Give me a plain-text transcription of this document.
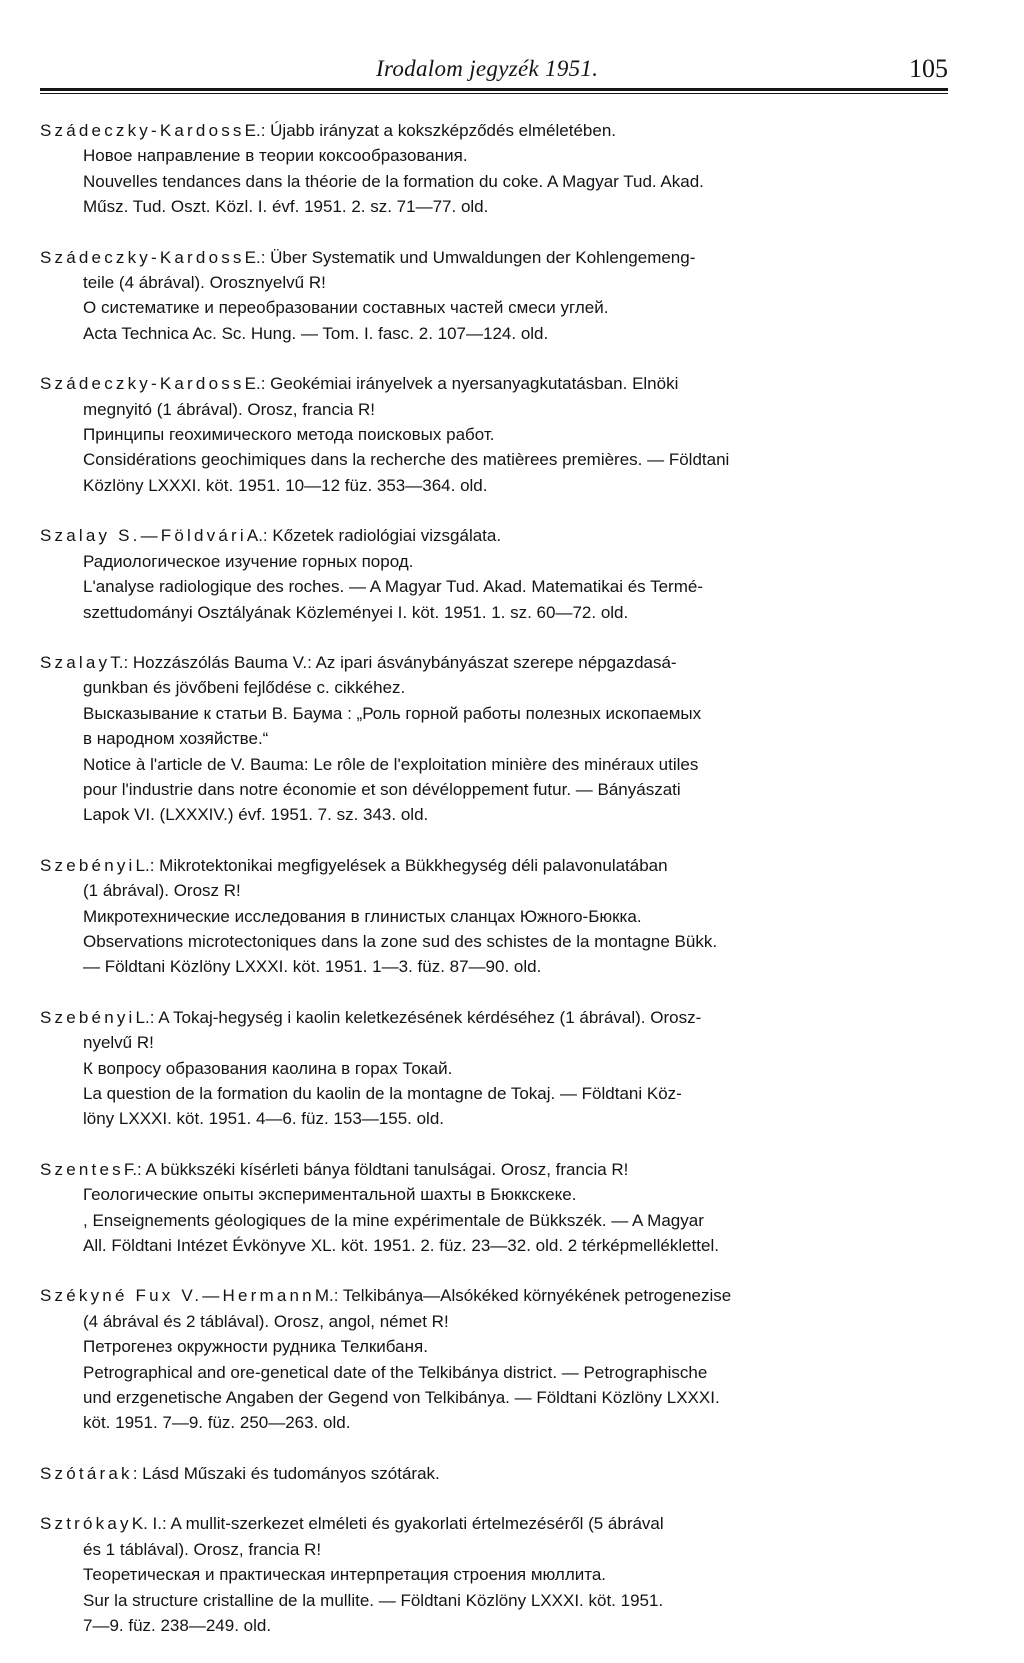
Irodalom jegyzék 1951.	105
Szádeczky-KardossE.: Újabb irányzat a kokszképződés elméletében.
Новое направление в теории коксообразования.
Nouvelles tendances dans la théorie de la formation du coke. A Magyar Tud. Akad.
Műsz. Tud. Oszt. Közl. I. évf. 1951. 2. sz. 71—77. old.
Szádeczky-KardossE.: Über Systematik und Umwaldungen der Kohlengemeng-
teile (4 ábrával). Orosznyelvű R!
О систематике и переобразовании составных частей смеси углей.
Acta Technica Ac. Sc. Hung. — Tom. I. fasc. 2. 107—124. old.
Szádeczky-KardossE.: Geokémiai irányelvek a nyersanyagkutatásban. Elnöki
megnyitó (1 ábrával). Orosz, francia R!
Принципы геохимического метода поисковых работ.
Considérations geochimiques dans la recherche des matièrees premières. — Földtani
Közlöny LXXXI. köt. 1951. 10—12 füz. 353—364. old.
Szalay S.—FöldváriA.: Kőzetek radiológiai vizsgálata.
Радиологическое изучение горных пород.
L'analyse radiologique des roches. — A Magyar Tud. Akad. Matematikai és Termé-
szettudományi Osztályának Közleményei I. köt. 1951. 1. sz. 60—72. old.
SzalayT.: Hozzászólás Bauma V.: Az ipari ásványbányászat szerepe népgazdasá-
gunkban és jövőbeni fejlődése c. cikkéhez.
Высказывание к статьи В. Баума : „Роль горной работы полезных ископаемых
в народном хозяйстве.“
Notice à l'article de V. Bauma: Le rôle de l'exploitation minière des minéraux utiles
pour l'industrie dans notre économie et son dévéloppement futur. — Bányászati
Lapok VI. (LXXXIV.) évf. 1951. 7. sz. 343. old.
SzebényiL.: Mikrotektonikai megfigyelések a Bükkhegység déli palavonulatában
(1 ábrával). Orosz R!
Микротехнические исследования в глинистых сланцах Южного-Бюкка.
Observations microtectoniques dans la zone sud des schistes de la montagne Bükk.
— Földtani Közlöny LXXXI. köt. 1951. 1—3. füz. 87—90. old.
SzebényiL.: A Tokaj-hegység i kaolin keletkezésének kérdéséhez (1 ábrával). Orosz-
nyelvű R!
К вопросу образования каолина в горах Токай.
La question de la formation du kaolin de la montagne de Tokaj. — Földtani Köz-
löny LXXXI. köt. 1951. 4—6. füz. 153—155. old.
SzentesF.: A bükkszéki kísérleti bánya földtani tanulságai. Orosz, francia R!
Геологические опыты экспериментальной шахты в Бюккскеке.
, Enseignements géologiques de la mine expérimentale de Bükkszék. — A Magyar
All. Földtani Intézet Évkönyve XL. köt. 1951. 2. füz. 23—32. old. 2 térképmelléklettel.
Székyné Fux V.—HermannM.: Telkibánya—Alsókéked környékének petrogenezise
(4 ábrával és 2 táblával). Orosz, angol, német R!
Петрогенез окружности рудника Телкибаня.
Petrographical and ore-genetical date of the Telkibánya district. — Petrographische
und erzgenetische Angaben der Gegend von Telkibánya. — Földtani Közlöny LXXXI.
köt. 1951. 7—9. füz. 250—263. old.
Szótárak: Lásd Műszaki és tudományos szótárak.
SztrókayK. I.: A mullit-szerkezet elméleti és gyakorlati értelmezéséről (5 ábrával
és 1 táblával). Orosz, francia R!
Теоретическая и практическая интерпретация строения мюллита.
Sur la structure cristalline de la mullite. — Földtani Közlöny LXXXI. köt. 1951.
7—9. füz. 238—249. old.
